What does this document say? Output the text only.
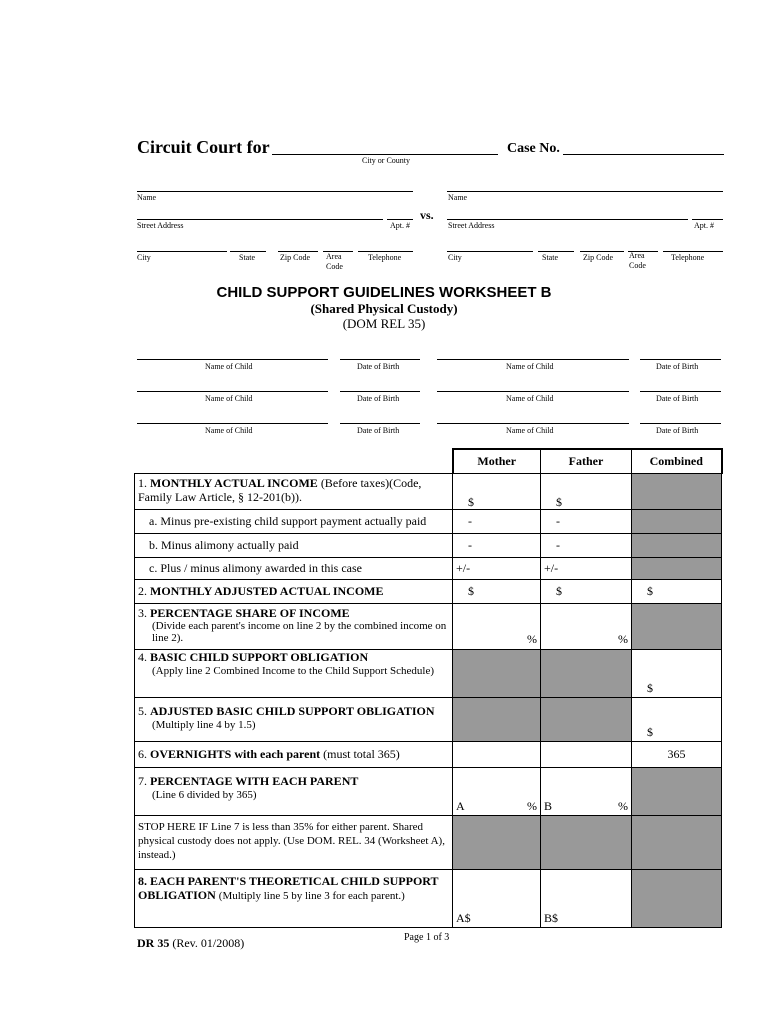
Circuit Court for
City or County
Case No.
Name
Street Address	Apt. #
City	State	Zip Code Area Code
Telephone
vs.
Name
Street Address	Apt. #
City	State	Zip Code Area Code
Telephone
CHILD SUPPORT GUIDELINES WORKSHEET B
(Shared Physical Custody)
(DOM REL 35)
Name of Child	Date of Birth	Name of Child	Date of Birth
Name of Child	Date of Birth	Name of Child	Date of Birth
Name of Child	Date of Birth	Name of Child	Date of Birth
	Mother	Father	Combined
1. MONTHLY ACTUAL INCOME (Before taxes)(Code, Family Law Article, § 12-201(b)).	$	$	
a. Minus pre-existing child support payment actually paid	-	-	
b. Minus alimony actually paid	-	-	
c. Plus / minus alimony awarded in this case	+/-	+/-	
2. MONTHLY ADJUSTED ACTUAL INCOME	$	$	$
3. PERCENTAGE SHARE OF INCOME

(Divide each parent's income on line 2 by the combined income on line 2).	%	%	
4. BASIC CHILD SUPPORT OBLIGATION

(Apply line 2 Combined Income to the Child Support Schedule)			$
5. ADJUSTED BASIC CHILD SUPPORT OBLIGATION

(Multiply line 4 by 1.5)			$
6. OVERNIGHTS with each parent (must total 365)			365
7. PERCENTAGE WITH EACH PARENT

(Line 6 divided by 365)	A %	B %	

STOP HERE IF Line 7 is less than 35% for either parent. Shared physical custody does not apply. (Use DOM. REL. 34 (Worksheet A), instead.)			
8. EACH PARENT'S THEORETICAL CHILD SUPPORT OBLIGATION (Multiply line 5 by line 3 for each parent.)	A$	B$	
DR 35 (Rev. 01/2008)	Page 1 of 3
